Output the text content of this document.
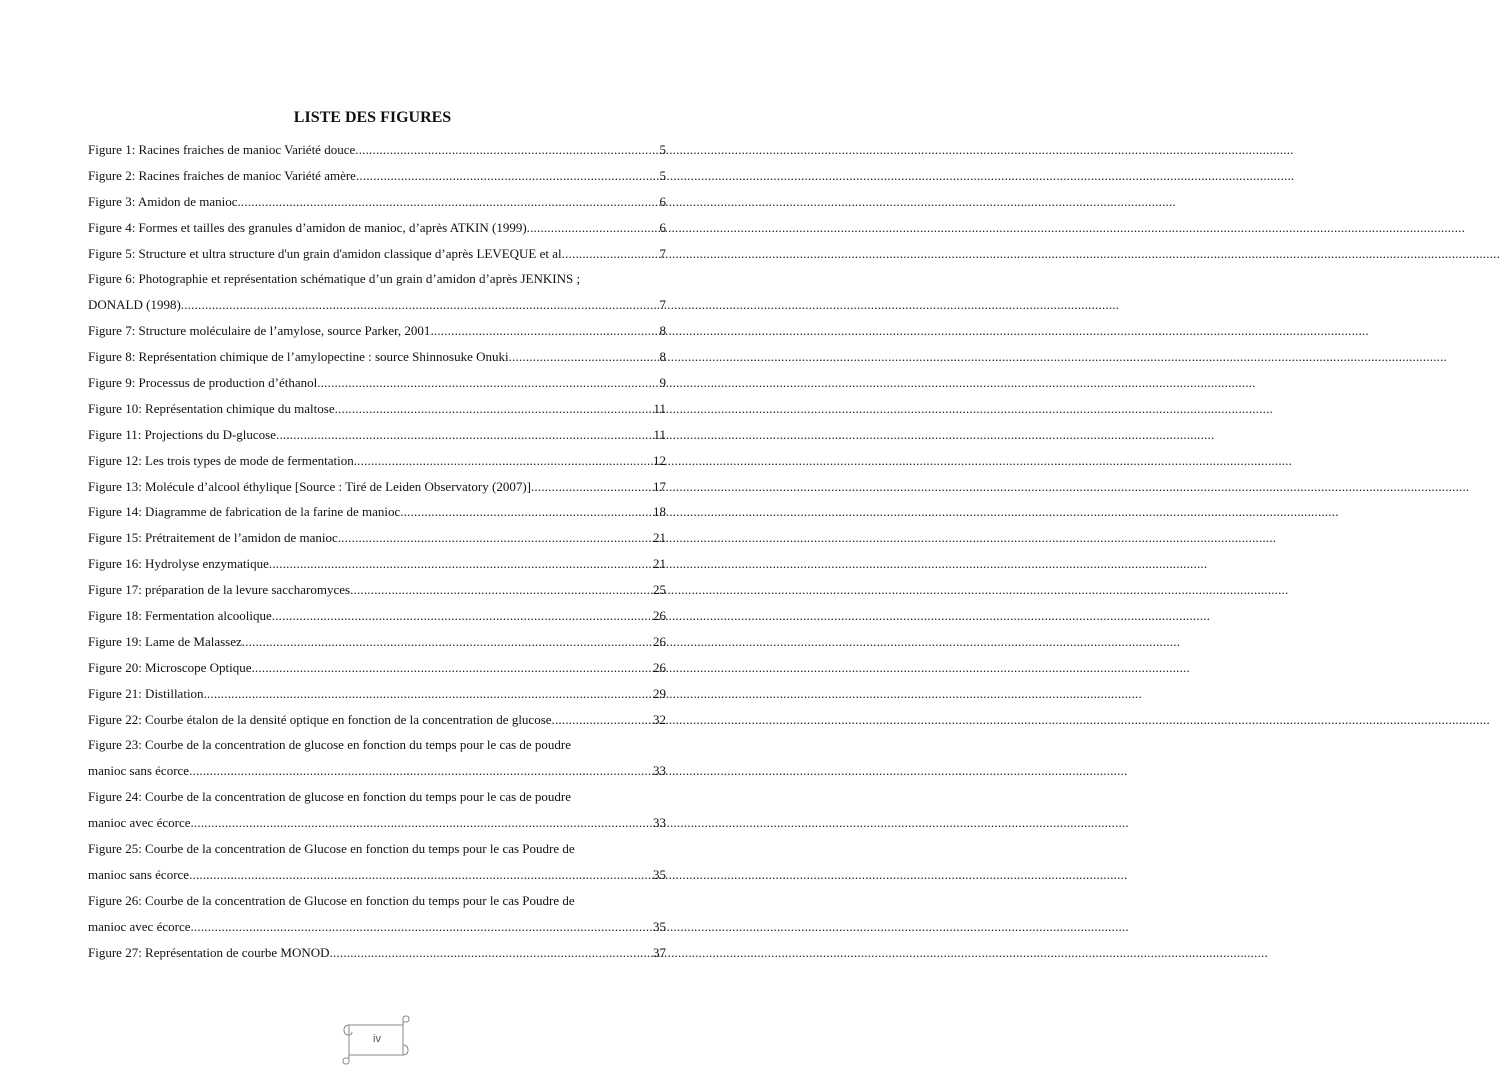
LISTE DES FIGURES
Figure 1: Racines fraiches de manioc Variété douce .....	5
Figure 2: Racines fraiches de manioc Variété amère .....	5
Figure 3: Amidon de manioc .....	6
Figure 4: Formes et tailles des granules d’amidon de manioc, d’après ATKIN (1999) .....	6
Figure 5: Structure et ultra structure d'un grain d'amidon classique d’après LEVEQUE et al .....	7
Figure 6: Photographie et représentation schématique d’un grain d’amidon d’après JENKINS ;
DONALD (1998) .....	7
Figure 7: Structure moléculaire de l’amylose, source Parker, 2001 .....	8
Figure 8: Représentation chimique de l’amylopectine : source Shinnosuke Onuki .....	8
Figure 9: Processus de production d’éthanol .....	9
Figure 10: Représentation chimique du maltose .....	11
Figure 11: Projections du D-glucose .....	11
Figure 12: Les trois types de mode de fermentation .....	12
Figure 13: Molécule d’alcool éthylique [Source : Tiré de Leiden Observatory (2007)] .....	17
Figure 14: Diagramme de fabrication de la farine de manioc .....	18
Figure 15: Prétraitement de l’amidon de manioc .....	21
Figure 16: Hydrolyse enzymatique .....	21
Figure 17: préparation de la levure saccharomyces .....	25
Figure 18: Fermentation alcoolique .....	26
Figure 19: Lame de Malassez .....	26
Figure 20: Microscope Optique .....	26
Figure 21: Distillation .....	29
Figure 22: Courbe étalon de la densité optique en fonction de la concentration de glucose .....	32
Figure 23: Courbe de la concentration de glucose en fonction du temps pour le cas de poudre
manioc sans écorce .....	33
Figure 24: Courbe de la concentration de glucose en fonction du temps pour le cas de poudre
manioc avec écorce .....	33
Figure 25: Courbe de la concentration de Glucose en fonction du temps pour le cas Poudre de
manioc sans écorce .....	35
Figure 26: Courbe de la concentration de Glucose en fonction du temps pour le cas Poudre de
manioc avec écorce .....	35
Figure 27: Représentation de courbe MONOD .....	37
iv
